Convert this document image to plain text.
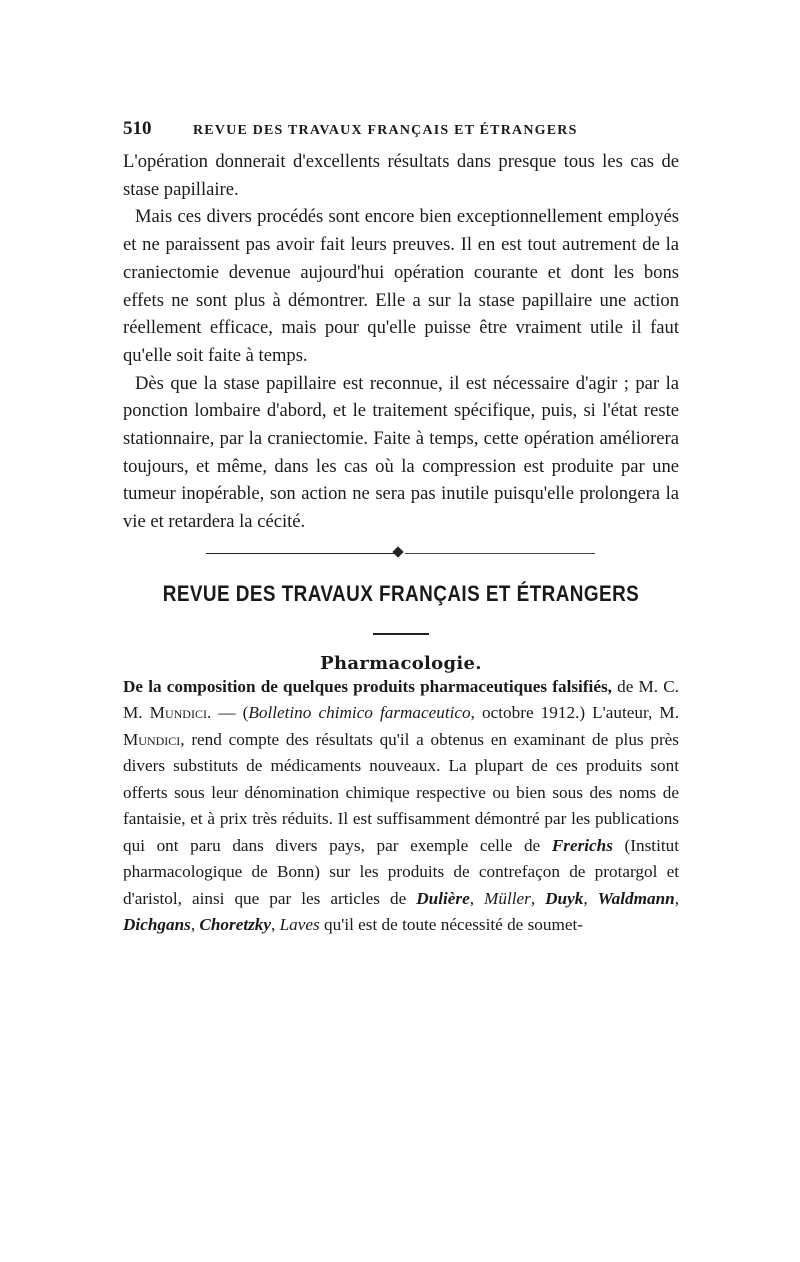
510	REVUE DES TRAVAUX FRANÇAIS ET ÉTRANGERS

L'opération donnerait d'excellents résultats dans presque tous les cas de stase papillaire.

Mais ces divers procédés sont encore bien exceptionnellement employés et ne paraissent pas avoir fait leurs preuves. Il en est tout autrement de la craniectomie devenue aujourd'hui opération courante et dont les bons effets ne sont plus à démontrer. Elle a sur la stase papillaire une action réellement efficace, mais pour qu'elle puisse être vraiment utile il faut qu'elle soit faite à temps.

Dès que la stase papillaire est reconnue, il est nécessaire d'agir ; par la ponction lombaire d'abord, et le traitement spécifique, puis, si l'état reste stationnaire, par la craniectomie. Faite à temps, cette opération améliorera toujours, et même, dans les cas où la compression est produite par une tumeur inopérable, son action ne sera pas inutile puisqu'elle prolongera la vie et retardera la cécité.

REVUE DES TRAVAUX FRANÇAIS ET ÉTRANGERS
Pharmacologie.

De la composition de quelques produits pharmaceutiques falsifiés, de M. C. M. Mundici. — (Bolletino chimico farmaceutico, octobre 1912.) L'auteur, M. Mundici, rend compte des résultats qu'il a obtenus en examinant de plus près divers substituts de médicaments nouveaux. La plupart de ces produits sont offerts sous leur dénomination chimique respective ou bien sous des noms de fantaisie, et à prix très réduits. Il est suffisamment démontré par les publications qui ont paru dans divers pays, par exemple celle de Frerichs (Institut pharmacologique de Bonn) sur les produits de contrefaçon de protargol et d'aristol, ainsi que par les articles de Dulière, Müller, Duyk, Waldmann, Dichgans, Choretzky, Laves qu'il est de toute nécessité de soumet-
